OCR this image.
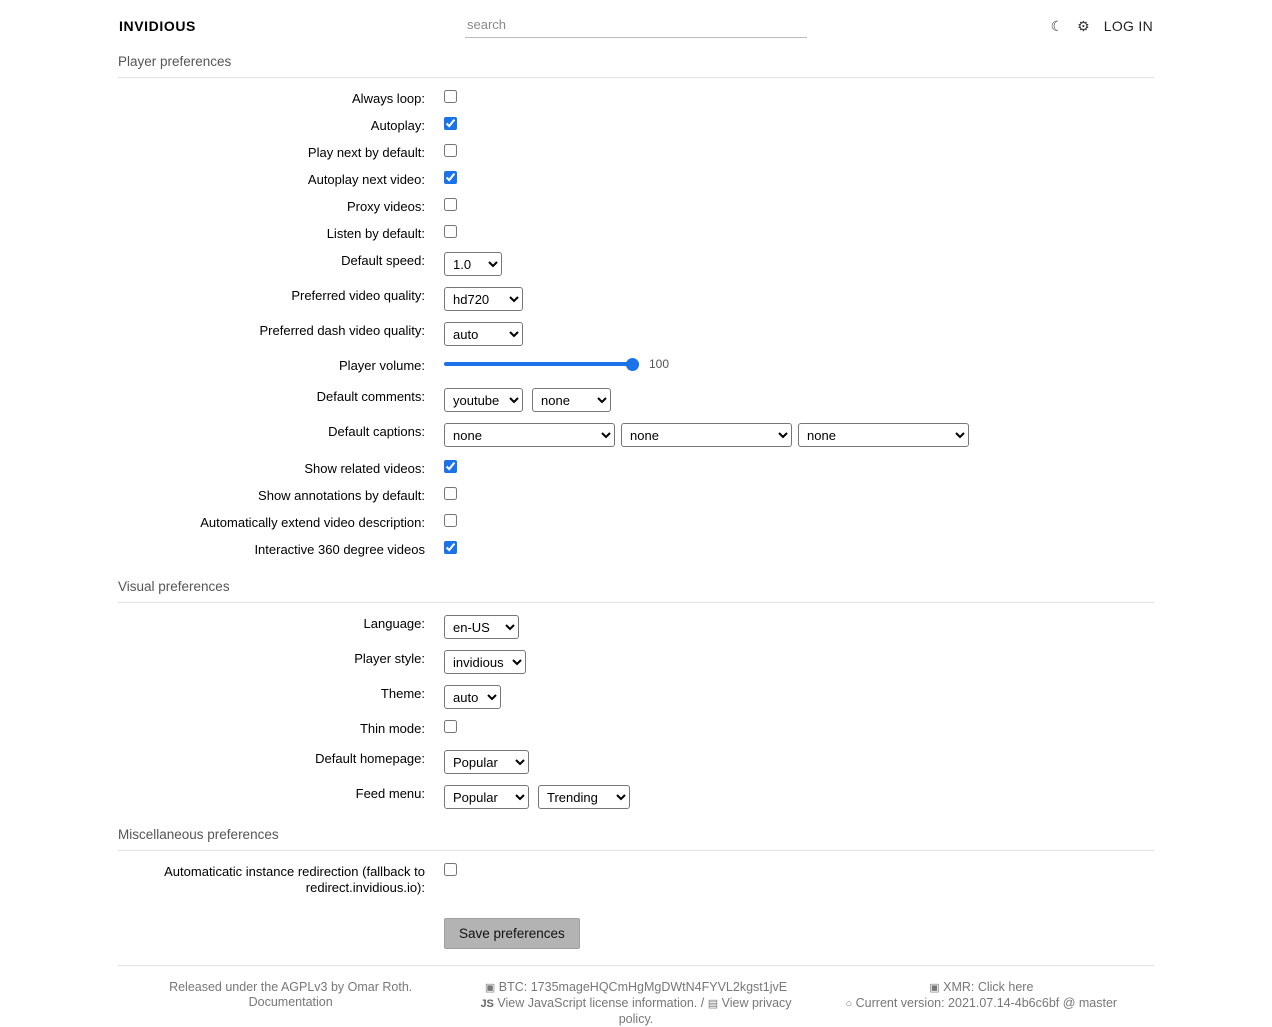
INVIDIOUS
search	☾ ⚙ LOG IN
Player preferences
Always loop:
Autoplay:
Play next by default:
Autoplay next video:
Proxy videos:
Listen by default:
Default speed:
1.0
Preferred video quality:
hd720
Preferred dash video quality:
auto
Player volume:	100
Default comments:
youtube
none
Default captions:
none
none
none
Show related videos:
Show annotations by default:
Automatically extend video description:
Interactive 360 degree videos
Visual preferences
Language:
en-US
Player style:
invidious
Theme:
auto
Thin mode:
Default homepage:
Popular
Feed menu:
Popular
Trending
Miscellaneous preferences
Automaticatic instance redirection (fallback to redirect.invidious.io):
Save preferences
Released under the AGPLv3 by Omar Roth.
Documentation
▣ BTC: 1735mageHQCmHgMgDWtN4FYVL2kgst1jvE
JS View JavaScript license information. / ▤ View privacy policy.
▣ XMR: Click here
○ Current version: 2021.07.14-4b6c6bf @ master
